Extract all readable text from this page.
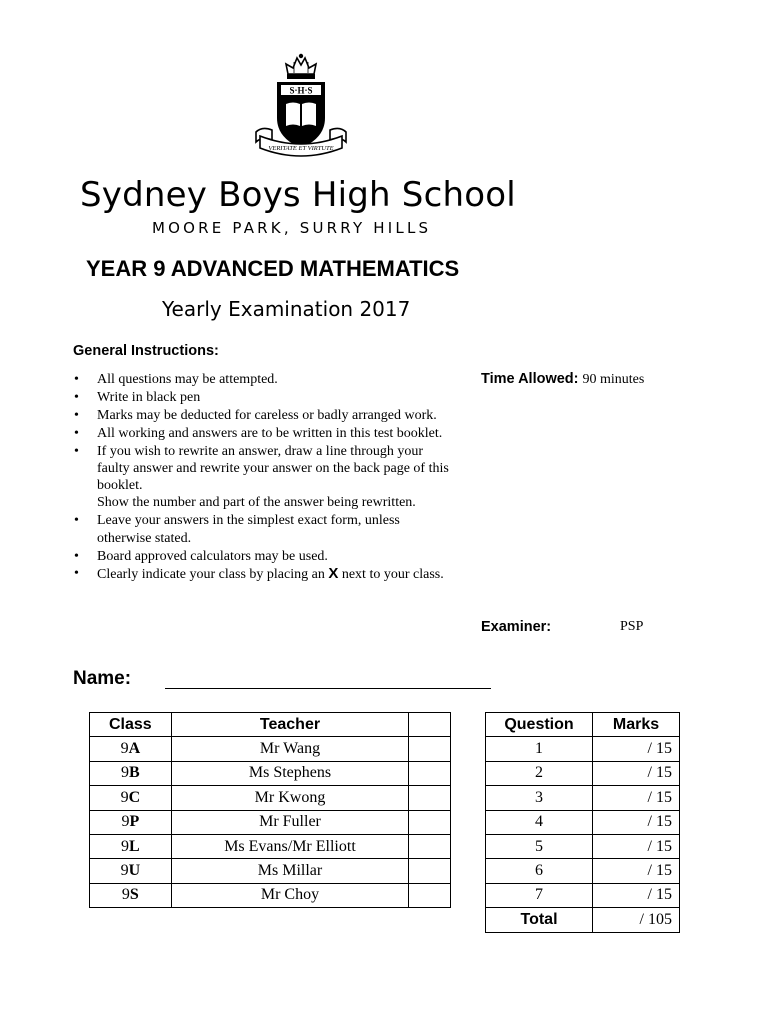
S·H·S
VERITATE ET VIRTUTE
Sydney Boys High School
MOORE PARK, SURRY HILLS
YEAR 9 ADVANCED MATHEMATICS
Yearly Examination 2017
General Instructions:
• All questions may be attempted.
• Write in black pen
• Marks may be deducted for careless or badly arranged work.
• All working and answers are to be written in this test booklet.
• If you wish to rewrite an answer, draw a line through your faulty answer and rewrite your answer on the back page of this booklet.
Show the number and part of the answer being rewritten.
• Leave your answers in the simplest exact form, unless otherwise stated.
• Board approved calculators may be used.
• Clearly indicate your class by placing an X next to your class.
Time Allowed: 90 minutes
Examiner:	PSP
Name:
Class	Teacher	
9A	Mr Wang	
9B	Ms Stephens	
9C	Mr Kwong	
9P	Mr Fuller	
9L	Ms Evans/Mr Elliott	
9U	Ms Millar	
9S	Mr Choy	
Question	Marks
1	/ 15
2	/ 15
3	/ 15
4	/ 15
5	/ 15
6	/ 15
7	/ 15
Total	/ 105
